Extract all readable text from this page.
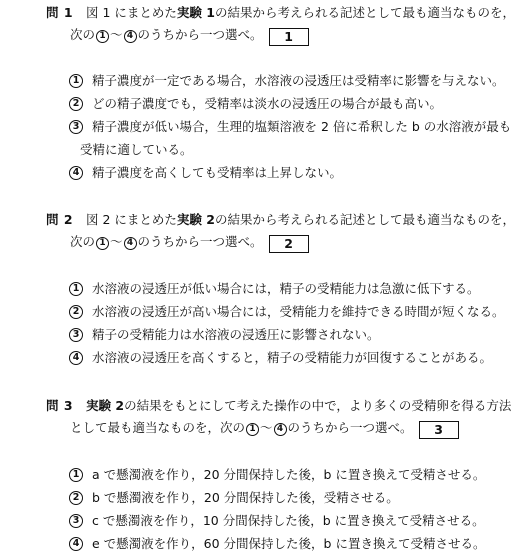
問 1 図 1 にまとめた実験 1の結果から考えられる記述として最も適当なものを，
次の 1 〜 4 のうちから一つ選べ。 1
1 精子濃度が一定である場合，水溶液の浸透圧は受精率に影響を与えない。
2 どの精子濃度でも，受精率は淡水の浸透圧の場合が最も高い。
3 精子濃度が低い場合，生理的塩類溶液を 2 倍に希釈した b の水溶液が最も
受精に適している。
4 精子濃度を高くしても受精率は上昇しない。
問 2 図 2 にまとめた実験 2の結果から考えられる記述として最も適当なものを，
次の 1 〜 4 のうちから一つ選べ。 2
1 水溶液の浸透圧が低い場合には，精子の受精能力は急激に低下する。
2 水溶液の浸透圧が高い場合には，受精能力を維持できる時間が短くなる。
3 精子の受精能力は水溶液の浸透圧に影響されない。
4 水溶液の浸透圧を高くすると，精子の受精能力が回復することがある。
問 3 実験 2の結果をもとにして考えた操作の中で，より多くの受精卵を得る方法
として最も適当なものを，次の 1 〜 4 のうちから一つ選べ。 3
1 a で懸濁液を作り，20 分間保持した後，b に置き換えて受精させる。
2 b で懸濁液を作り，20 分間保持した後，受精させる。
3 c で懸濁液を作り，10 分間保持した後，b に置き換えて受精させる。
4 e で懸濁液を作り，60 分間保持した後，b に置き換えて受精させる。
